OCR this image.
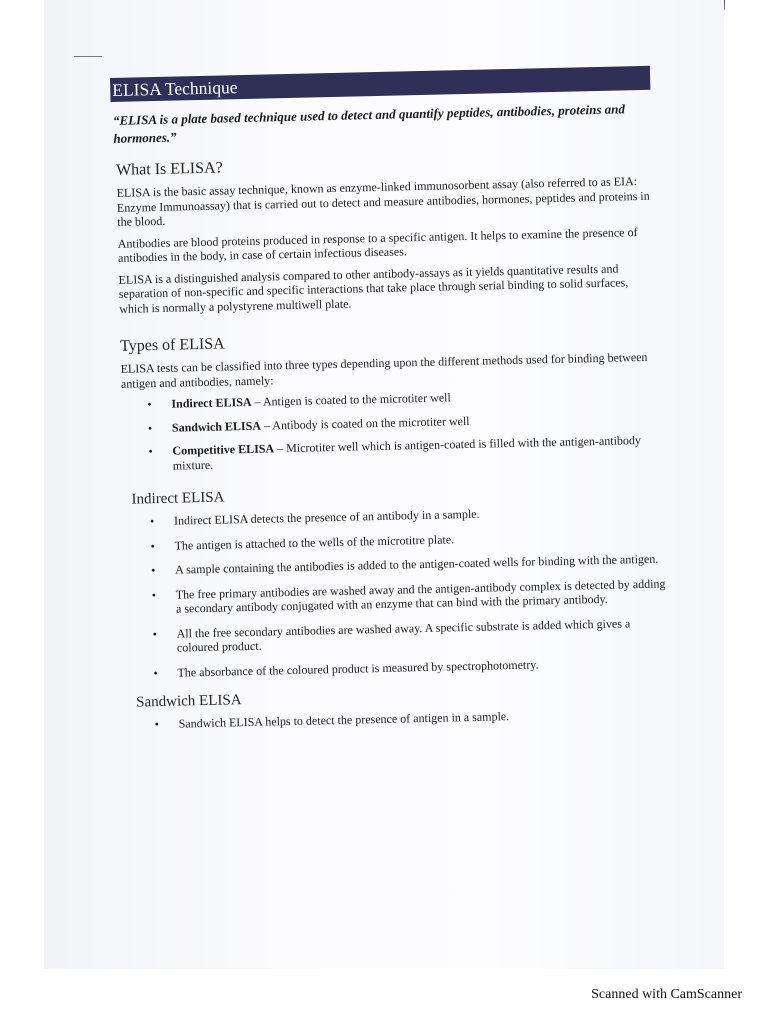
ELISA Technique
“ELISA is a plate based technique used to detect and quantify peptides, antibodies, proteins and hormones.”
What Is ELISA?

ELISA is the basic assay technique, known as enzyme-linked immunosorbent assay (also referred to as EIA: Enzyme Immunoassay) that is carried out to detect and measure antibodies, hormones, peptides and proteins in the blood.

Antibodies are blood proteins produced in response to a specific antigen. It helps to examine the presence of antibodies in the body, in case of certain infectious diseases.

ELISA is a distinguished analysis compared to other antibody-assays as it yields quantitative results and separation of non-specific and specific interactions that take place through serial binding to solid surfaces, which is normally a polystyrene multiwell plate.

Types of ELISA

ELISA tests can be classified into three types depending upon the different methods used for binding between antigen and antibodies, namely:

• Indirect ELISA – Antigen is coated to the microtiter well
• Sandwich ELISA – Antibody is coated on the microtiter well
• Competitive ELISA – Microtiter well which is antigen-coated is filled with the antigen-antibody mixture.
Indirect ELISA
• Indirect ELISA detects the presence of an antibody in a sample.
• The antigen is attached to the wells of the microtitre plate.
• A sample containing the antibodies is added to the antigen-coated wells for binding with the antigen.
• The free primary antibodies are washed away and the antigen-antibody complex is detected by adding a secondary antibody conjugated with an enzyme that can bind with the primary antibody.
• All the free secondary antibodies are washed away. A specific substrate is added which gives a coloured product.
• The absorbance of the coloured product is measured by spectrophotometry.
Sandwich ELISA
• Sandwich ELISA helps to detect the presence of antigen in a sample.
Scanned with CamScanner
